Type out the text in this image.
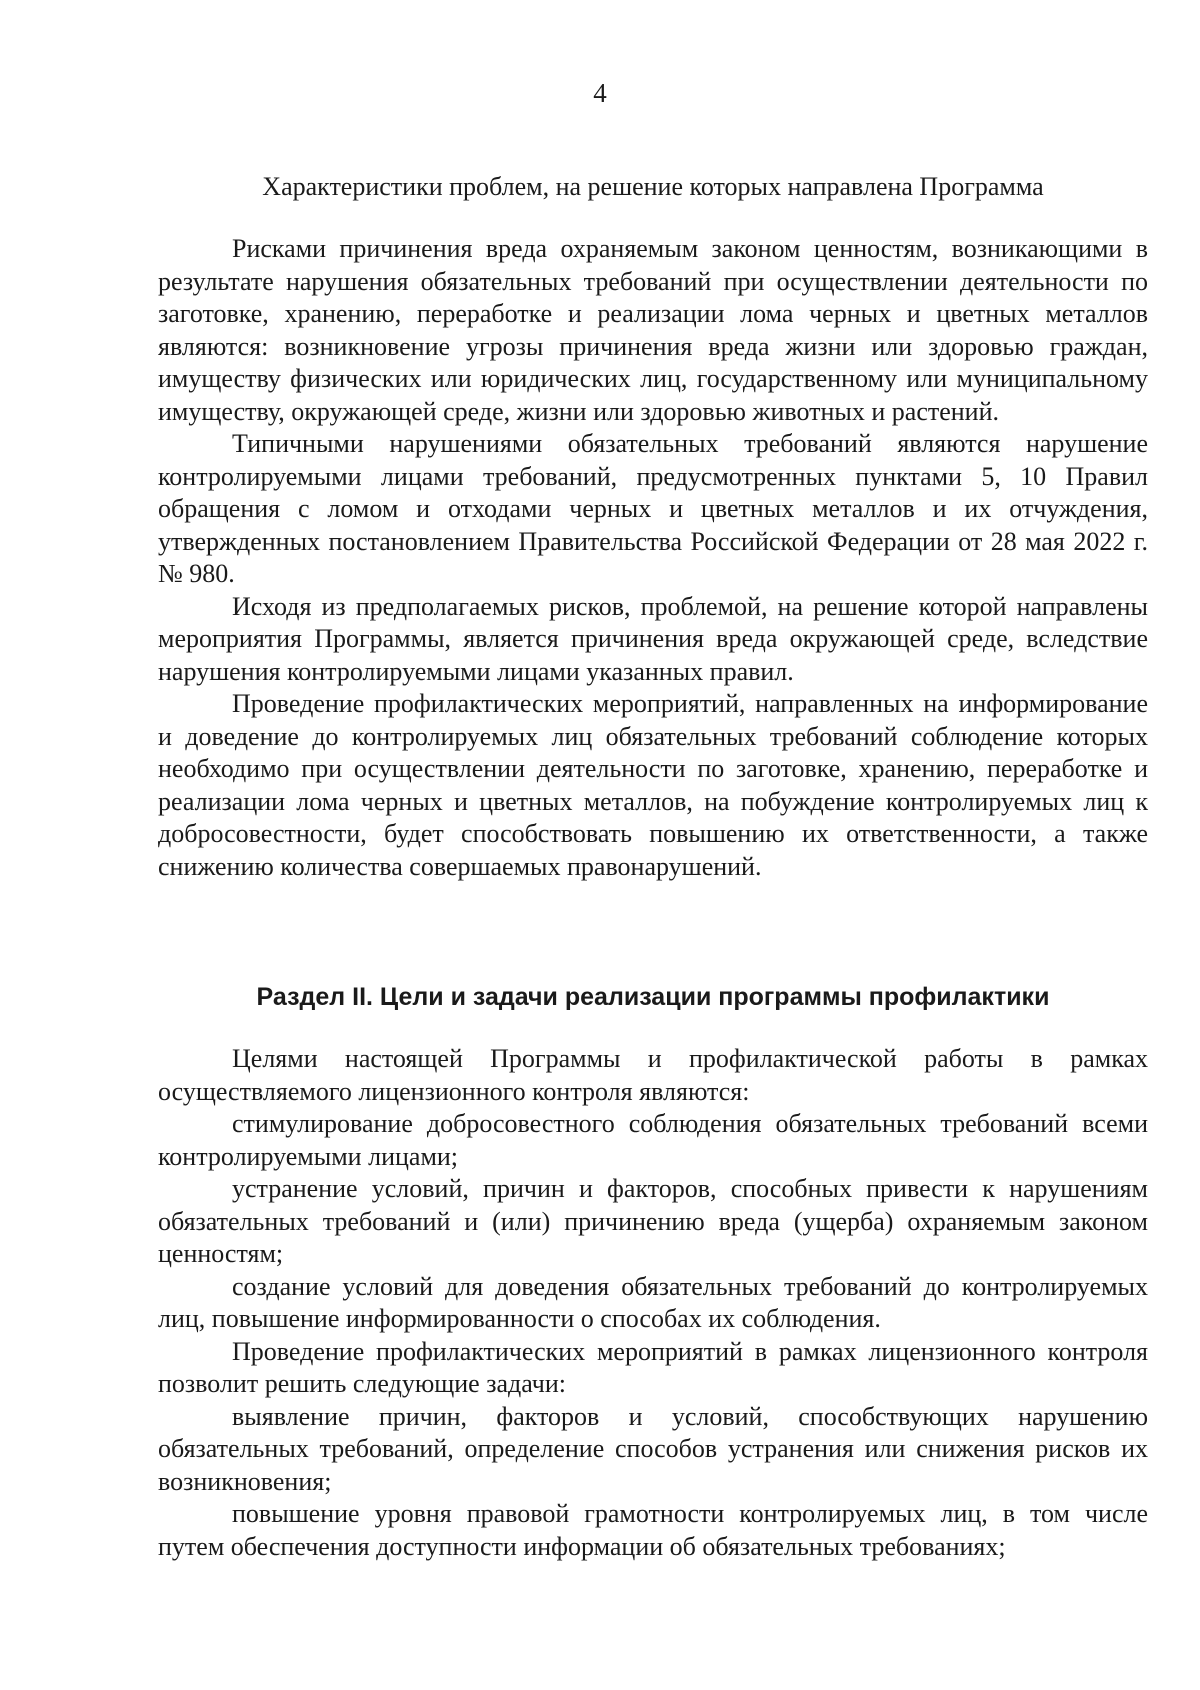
4
Характеристики проблем, на решение которых направлена Программа

Рисками причинения вреда охраняемым законом ценностям, возникающими в результате нарушения обязательных требований при осуществлении деятельности по заготовке, хранению, переработке и реализации лома черных и цветных металлов являются: возникновение угрозы причинения вреда жизни или здоровью граждан, имуществу физических или юридических лиц, государственному или муниципальному имуществу, окружающей среде, жизни или здоровью животных и растений.

Типичными нарушениями обязательных требований являются нарушение контролируемыми лицами требований, предусмотренных пунктами 5, 10 Правил обращения с ломом и отходами черных и цветных металлов и их отчуждения, утвержденных постановлением Правительства Российской Федерации от 28 мая 2022 г. № 980.

Исходя из предполагаемых рисков, проблемой, на решение которой направлены мероприятия Программы, является причинения вреда окружающей среде, вследствие нарушения контролируемыми лицами указанных правил.

Проведение профилактических мероприятий, направленных на информирование и доведение до контролируемых лиц обязательных требований соблюдение которых необходимо при осуществлении деятельности по заготовке, хранению, переработке и реализации лома черных и цветных металлов, на побуждение контролируемых лиц к добросовестности, будет способствовать повышению их ответственности, а также снижению количества совершаемых правонарушений.

Раздел II. Цели и задачи реализации программы профилактики

Целями настоящей Программы и профилактической работы в рамках осуществляемого лицензионного контроля являются:

стимулирование добросовестного соблюдения обязательных требований всеми контролируемыми лицами;

устранение условий, причин и факторов, способных привести к нарушениям обязательных требований и (или) причинению вреда (ущерба) охраняемым законом ценностям;

создание условий для доведения обязательных требований до контролируемых лиц, повышение информированности о способах их соблюдения.

Проведение профилактических мероприятий в рамках лицензионного контроля позволит решить следующие задачи:

выявление причин, факторов и условий, способствующих нарушению обязательных требований, определение способов устранения или снижения рисков их возникновения;

повышение уровня правовой грамотности контролируемых лиц, в том числе путем обеспечения доступности информации об обязательных требованиях;
